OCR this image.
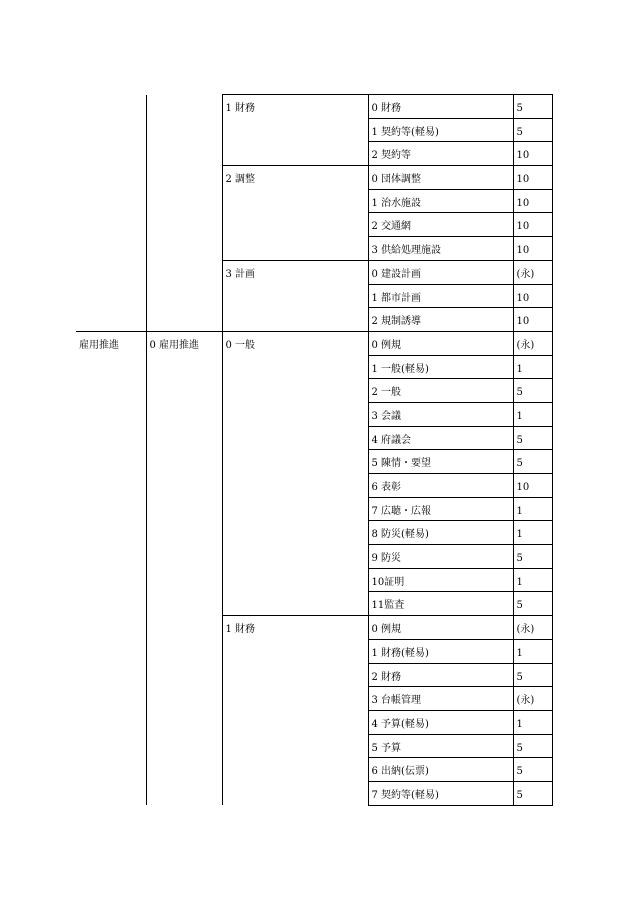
		1 財務	0 財務	5
			1 契約等(軽易)	5
			2 契約等	10
		2 調整	0 団体調整	10
			1 治水施設	10
			2 交通網	10
			3 供給処理施設	10
		3 計画	0 建設計画	(永)
			1 都市計画	10
			2 規制誘導	10
雇用推進	0 雇用推進	0 一般	0 例規	(永)
			1 一般(軽易)	1
			2 一般	5
			3 会議	1
			4 府議会	5
			5 陳情・要望	5
			6 表彰	10
			7 広聴・広報	1
			8 防災(軽易)	1
			9 防災	5
			10証明	1
			11監査	5
		1 財務	0 例規	(永)
			1 財務(軽易)	1
			2 財務	5
			3 台帳管理	(永)
			4 予算(軽易)	1
			5 予算	5
			6 出納(伝票)	5
			7 契約等(軽易)	5
